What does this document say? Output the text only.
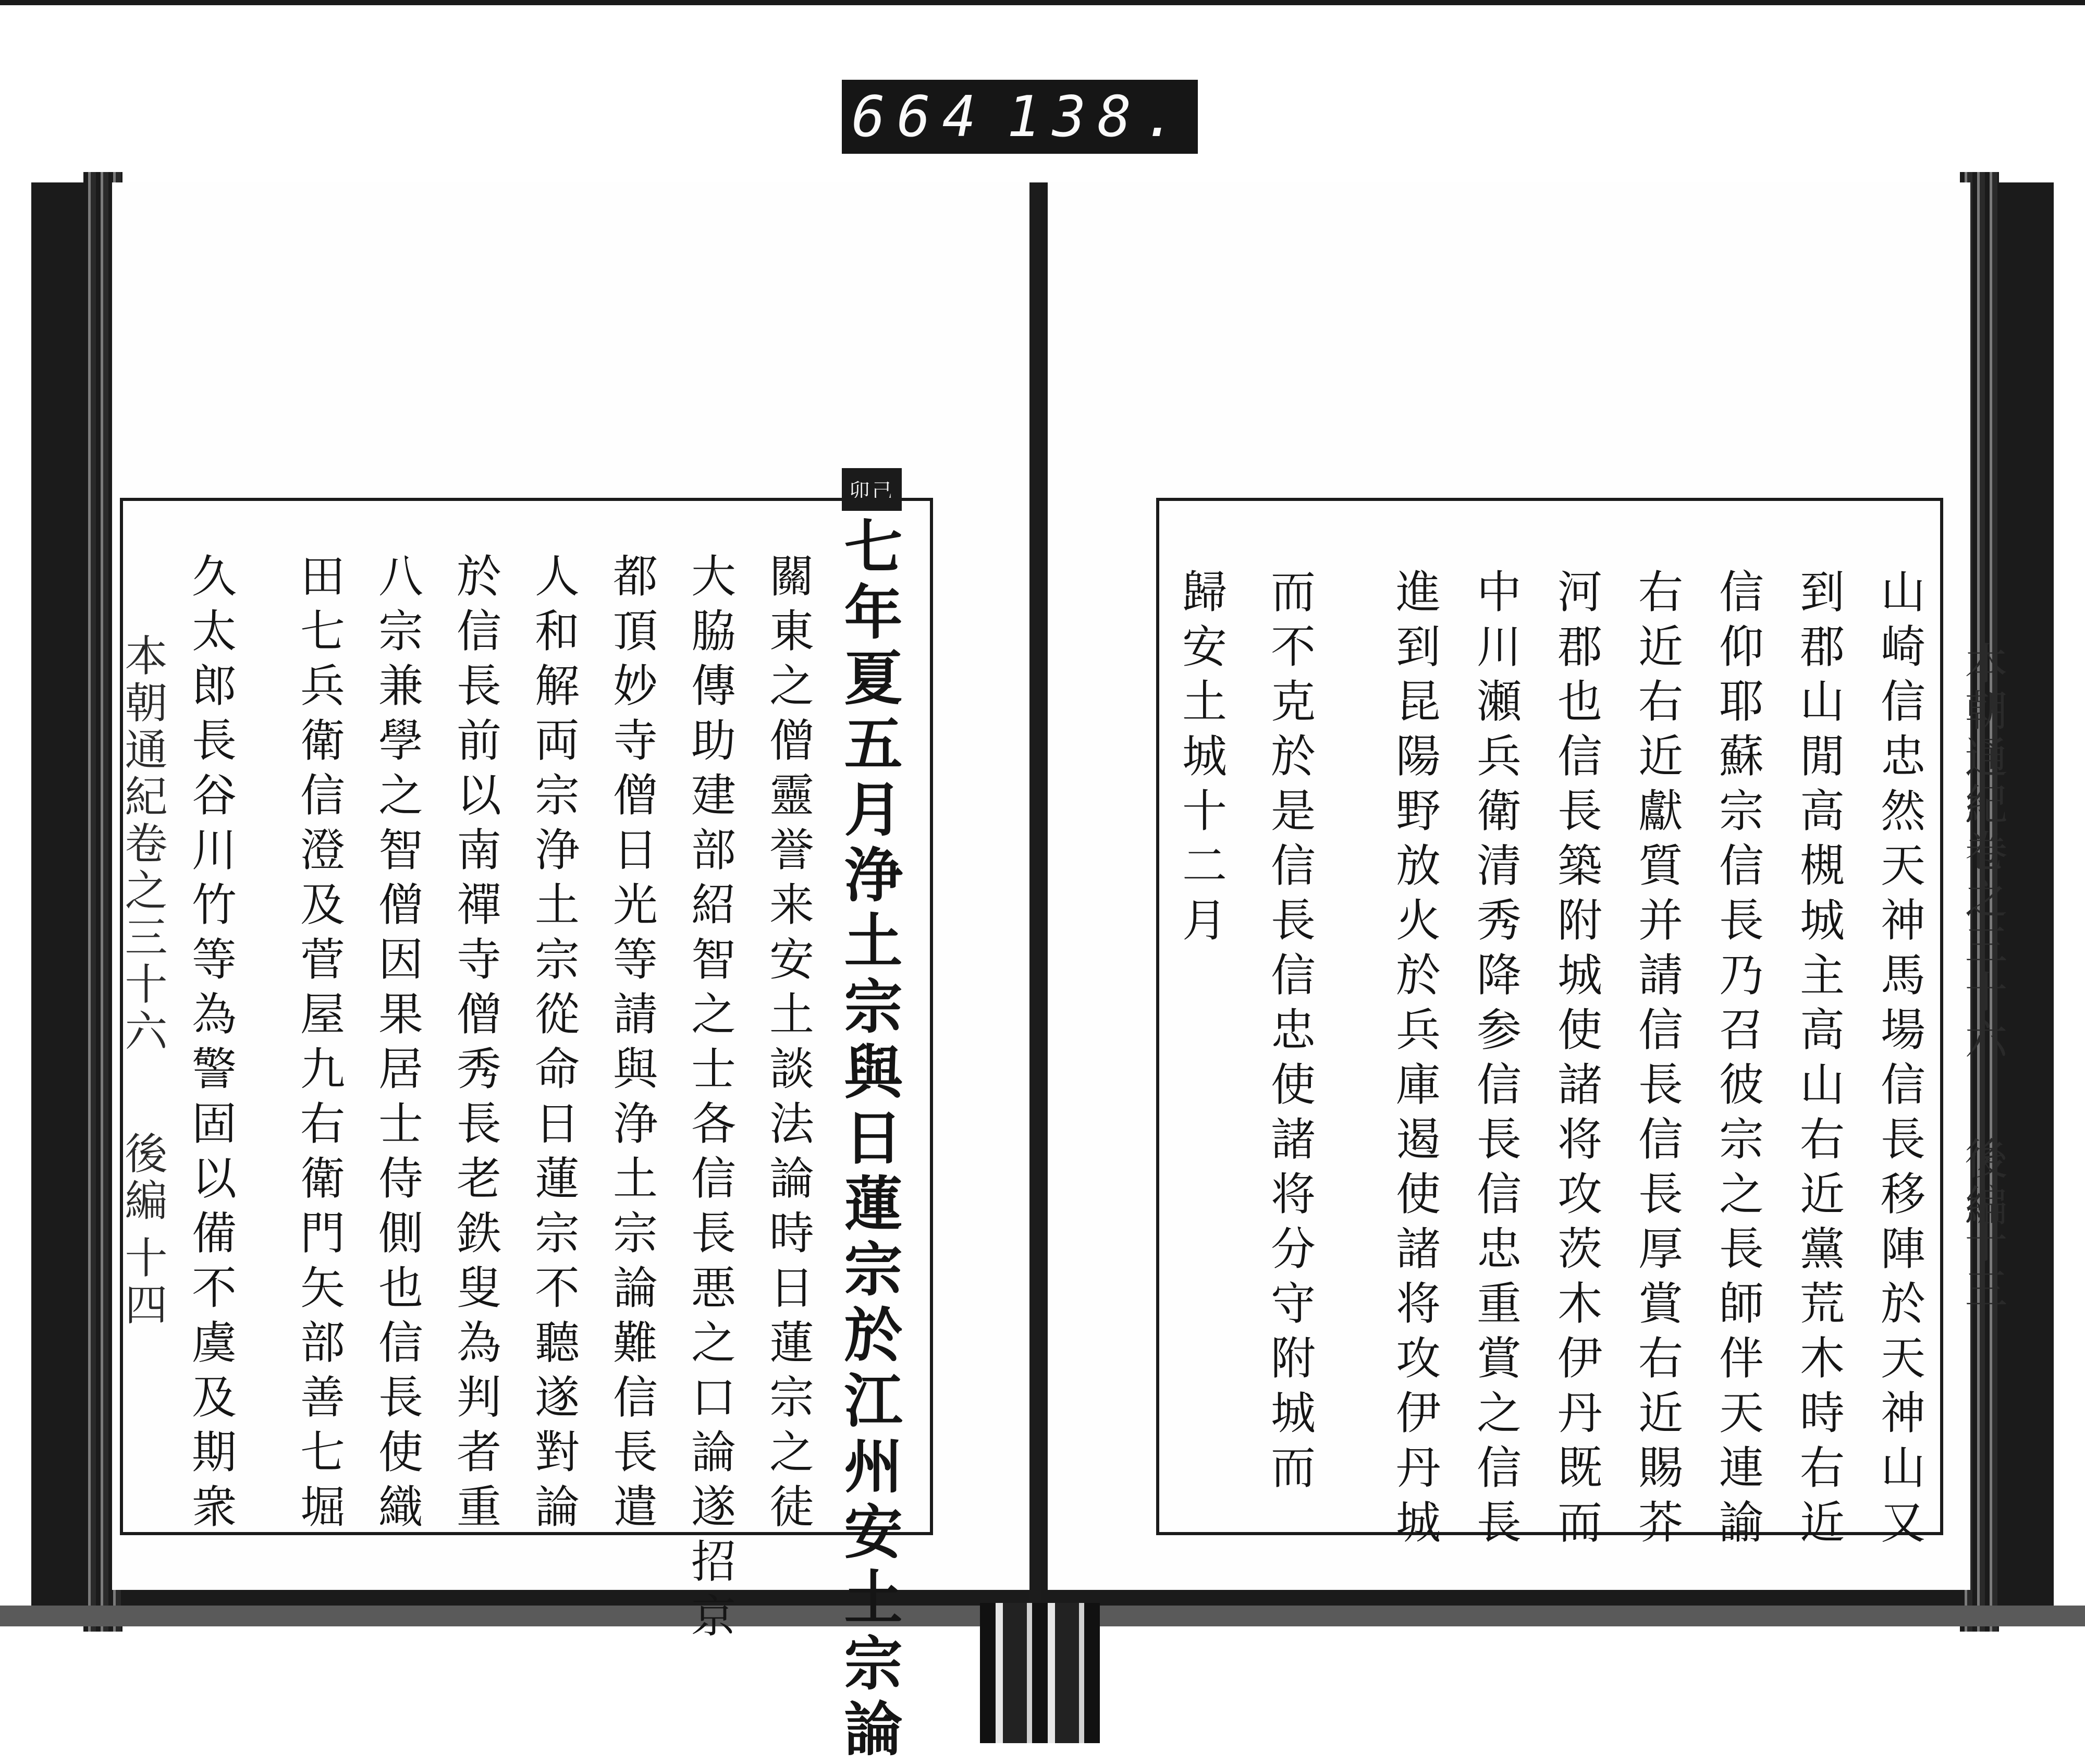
664 138.
本朝通紀卷之三十六
後編
十四
卯己
七年夏五月浄土宗與日蓮宗於江州安土宗論
關東之僧靈誉来安土談法論時日蓮宗之徒
大脇傳助建部紹智之士各信長悪之口論遂招京
都頂妙寺僧日光等請與浄土宗論難信長遣
人和解両宗浄土宗從命日蓮宗不聽遂對論
於信長前以南禪寺僧秀長老鉄叟為判者重
八宗兼學之智僧因果居士侍側也信長使織
田七兵衛信澄及菅屋九右衛門矢部善七堀
久太郎長谷川竹等為警固以備不虞及期衆	本朝通紀卷之三十六
後編
十三
山崎信忠然天神馬場信長移陣於天神山又
到郡山閒高槻城主高山右近黨荒木時右近
信仰耶蘇宗信長乃召彼宗之長師伴天連諭
右近右近獻質并請信長信長厚賞右近賜芥
河郡也信長築附城使諸将攻茨木伊丹既而
中川瀬兵衛清秀降参信長信忠重賞之信長
進到昆陽野放火於兵庫遏使諸将攻伊丹城
而不克於是信長信忠使諸将分守附城而
歸安土城十二月
